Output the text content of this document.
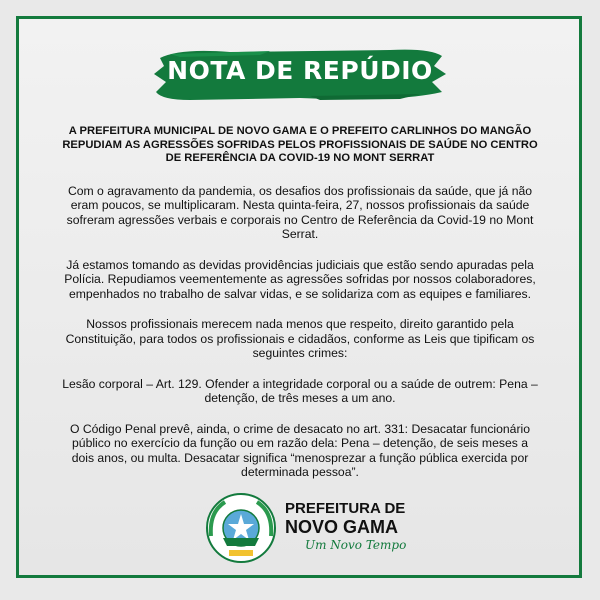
NOTA DE REPÚDIO

A PREFEITURA MUNICIPAL DE NOVO GAMA E O PREFEITO CARLINHOS DO MANGÃO REPUDIAM AS AGRESSÕES SOFRIDAS PELOS PROFISSIONAIS DE SAÚDE NO CENTRO DE REFERÊNCIA DA COVID-19 NO MONT SERRAT

Com o agravamento da pandemia, os desafios dos profissionais da saúde, que já não eram poucos, se multiplicaram. Nesta quinta-feira, 27, nossos profissionais da saúde sofreram agressões verbais e corporais no Centro de Referência da Covid-19 no Mont Serrat.

Já estamos tomando as devidas providências judiciais que estão sendo apuradas pela Polícia. Repudiamos veementemente as agressões sofridas por nossos colaboradores, empenhados no trabalho de salvar vidas, e se solidariza com as equipes e familiares.

Nossos profissionais merecem nada menos que respeito, direito garantido pela Constituição, para todos os profissionais e cidadãos, conforme as Leis que tipificam os seguintes crimes:

Lesão corporal – Art. 129. Ofender a integridade corporal ou a saúde de outrem: Pena – detenção, de três meses a um ano.

O Código Penal prevê, ainda, o crime de desacato no art. 331: Desacatar funcionário público no exercício da função ou em razão dela: Pena – detenção, de seis meses a dois anos, ou multa. Desacatar significa “menosprezar a função pública exercida por determinada pessoa”.

PREFEITURA DE
NOVO GAMA
Um Novo Tempo
